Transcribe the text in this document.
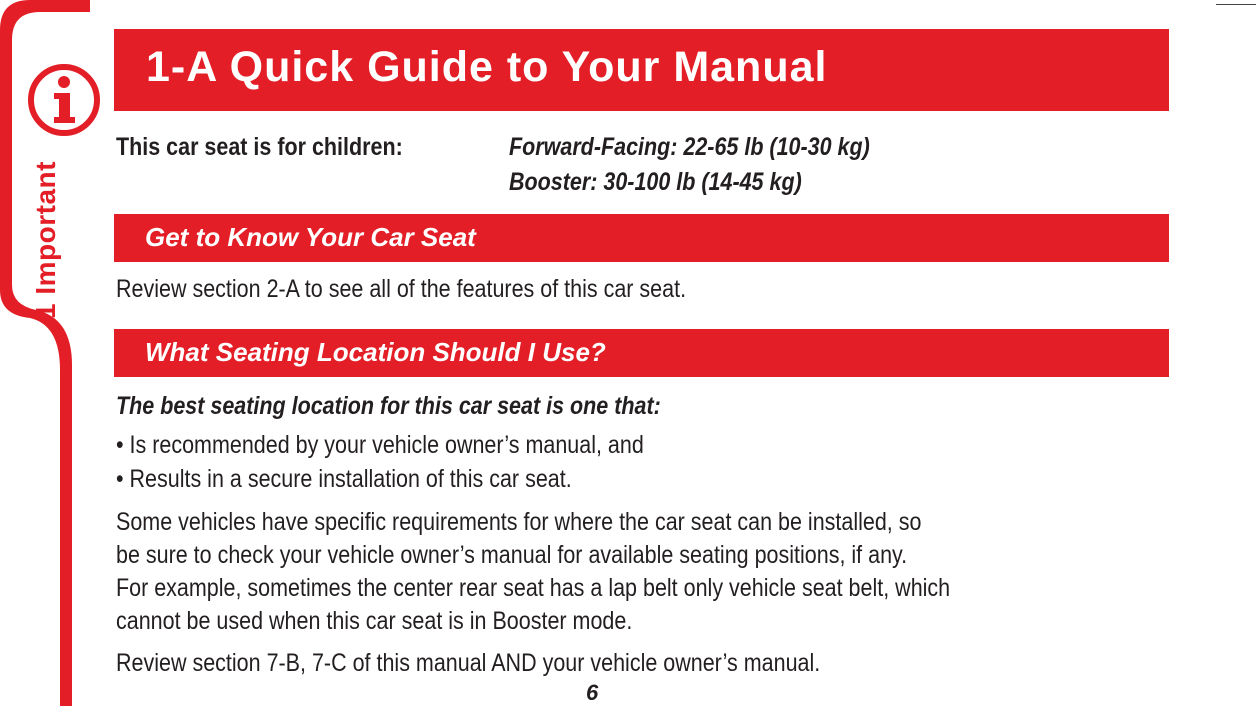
1 Important
1-A Quick Guide to Your Manual
This car seat is for children:	Forward-Facing: 22-65 lb (10-30 kg)
Booster: 30-100 lb (14-45 kg)
Get to Know Your Car Seat
Review section 2-A to see all of the features of this car seat.
What Seating Location Should I Use?
The best seating location for this car seat is one that:
• Is recommended by your vehicle owner’s manual, and
• Results in a secure installation of this car seat.
Some vehicles have specific requirements for where the car seat can be installed, so
be sure to check your vehicle owner’s manual for available seating positions, if any.
For example, sometimes the center rear seat has a lap belt only vehicle seat belt, which
cannot be used when this car seat is in Booster mode.
Review section 7-B, 7-C of this manual AND your vehicle owner’s manual.
6
